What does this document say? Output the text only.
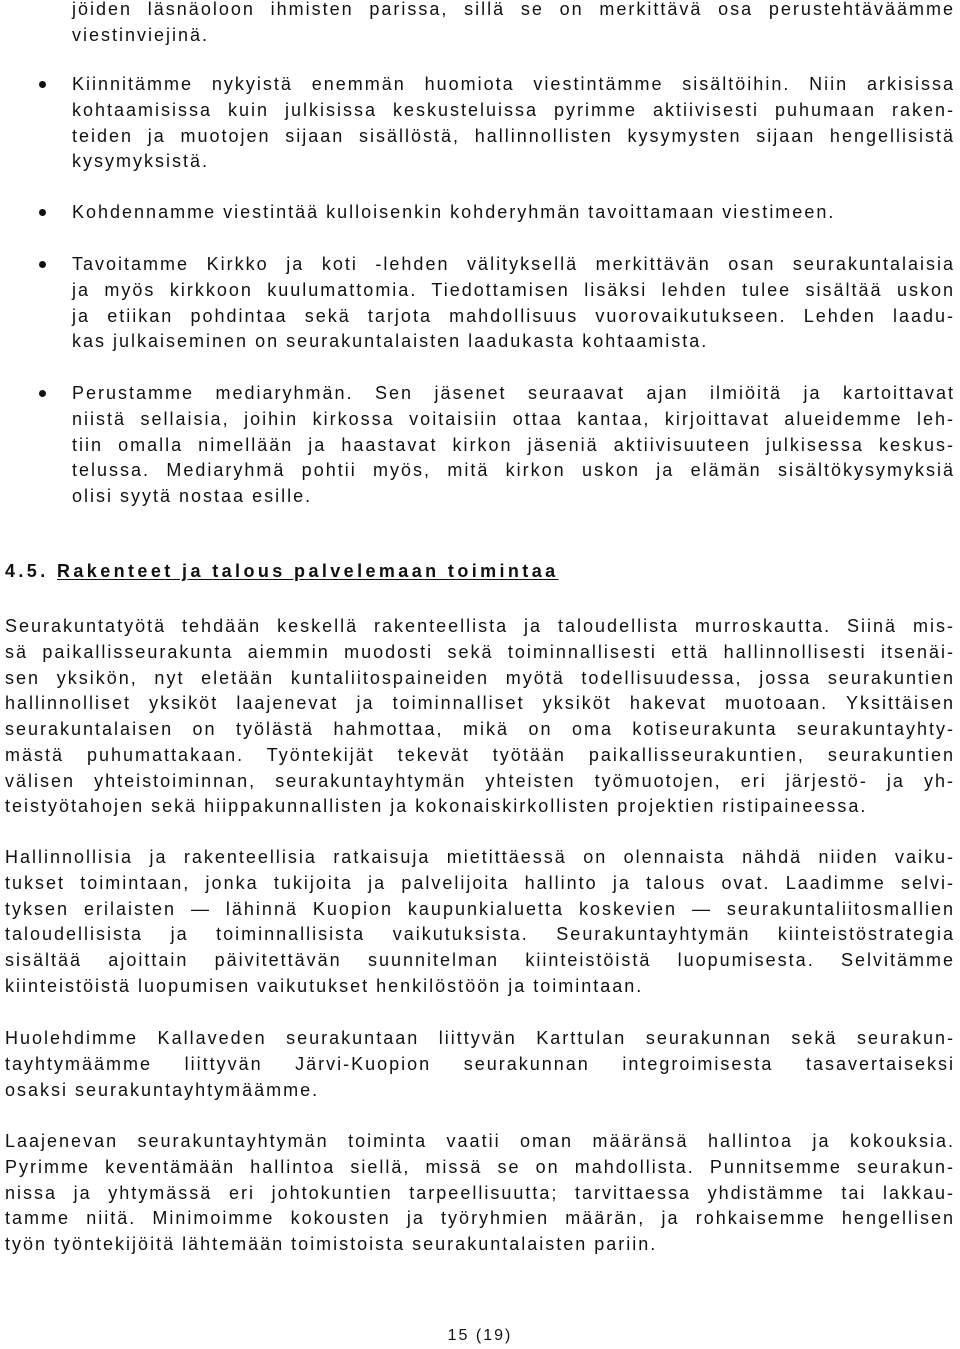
jöiden läsnäoloon ihmisten parissa, sillä se on merkittävä osa perustehtäväämme
viestinviejinä.
Kiinnitämme nykyistä enemmän huomiota viestintämme sisältöihin. Niin arkisissa
kohtaamisissa kuin julkisissa keskusteluissa pyrimme aktiivisesti puhumaan raken-
teiden ja muotojen sijaan sisällöstä, hallinnollisten kysymysten sijaan hengellisistä
kysymyksistä.
Kohdennamme viestintää kulloisenkin kohderyhmän tavoittamaan viestimeen.
Tavoitamme Kirkko ja koti -lehden välityksellä merkittävän osan seurakuntalaisia
ja myös kirkkoon kuulumattomia. Tiedottamisen lisäksi lehden tulee sisältää uskon
ja etiikan pohdintaa sekä tarjota mahdollisuus vuorovaikutukseen. Lehden laadu-
kas julkaiseminen on seurakuntalaisten laadukasta kohtaamista.
Perustamme mediaryhmän. Sen jäsenet seuraavat ajan ilmiöitä ja kartoittavat
niistä sellaisia, joihin kirkossa voitaisiin ottaa kantaa, kirjoittavat alueidemme leh-
tiin omalla nimellään ja haastavat kirkon jäseniä aktiivisuuteen julkisessa keskus-
telussa. Mediaryhmä pohtii myös, mitä kirkon uskon ja elämän sisältökysymyksiä
olisi syytä nostaa esille.
4.5. Rakenteet ja talous palvelemaan toimintaa
Seurakuntatyötä tehdään keskellä rakenteellista ja taloudellista murroskautta. Siinä mis-
sä paikallisseurakunta aiemmin muodosti sekä toiminnallisesti että hallinnollisesti itsenäi-
sen yksikön, nyt eletään kuntaliitospaineiden myötä todellisuudessa, jossa seurakuntien
hallinnolliset yksiköt laajenevat ja toiminnalliset yksiköt hakevat muotoaan. Yksittäisen
seurakuntalaisen on työlästä hahmottaa, mikä on oma kotiseurakunta seurakuntayhty-
mästä puhumattakaan. Työntekijät tekevät työtään paikallisseurakuntien, seurakuntien
välisen yhteistoiminnan, seurakuntayhtymän yhteisten työmuotojen, eri järjestö- ja yh-
teistyötahojen sekä hiippakunnallisten ja kokonaiskirkollisten projektien ristipaineessa.
Hallinnollisia ja rakenteellisia ratkaisuja mietittäessä on olennaista nähdä niiden vaiku-
tukset toimintaan, jonka tukijoita ja palvelijoita hallinto ja talous ovat. Laadimme selvi-
tyksen erilaisten — lähinnä Kuopion kaupunkialuetta koskevien — seurakuntaliitosmallien
taloudellisista ja toiminnallisista vaikutuksista. Seurakuntayhtymän kiinteistöstrategia
sisältää ajoittain päivitettävän suunnitelman kiinteistöistä luopumisesta. Selvitämme
kiinteistöistä luopumisen vaikutukset henkilöstöön ja toimintaan.
Huolehdimme Kallaveden seurakuntaan liittyvän Karttulan seurakunnan sekä seurakun-
tayhtymäämme liittyvän Järvi-Kuopion seurakunnan integroimisesta tasavertaiseksi
osaksi seurakuntayhtymäämme.
Laajenevan seurakuntayhtymän toiminta vaatii oman määränsä hallintoa ja kokouksia.
Pyrimme keventämään hallintoa siellä, missä se on mahdollista. Punnitsemme seurakun-
nissa ja yhtymässä eri johtokuntien tarpeellisuutta; tarvittaessa yhdistämme tai lakkau-
tamme niitä. Minimoimme kokousten ja työryhmien määrän, ja rohkaisemme hengellisen
työn työntekijöitä lähtemään toimistoista seurakuntalaisten pariin.
15 (19)
